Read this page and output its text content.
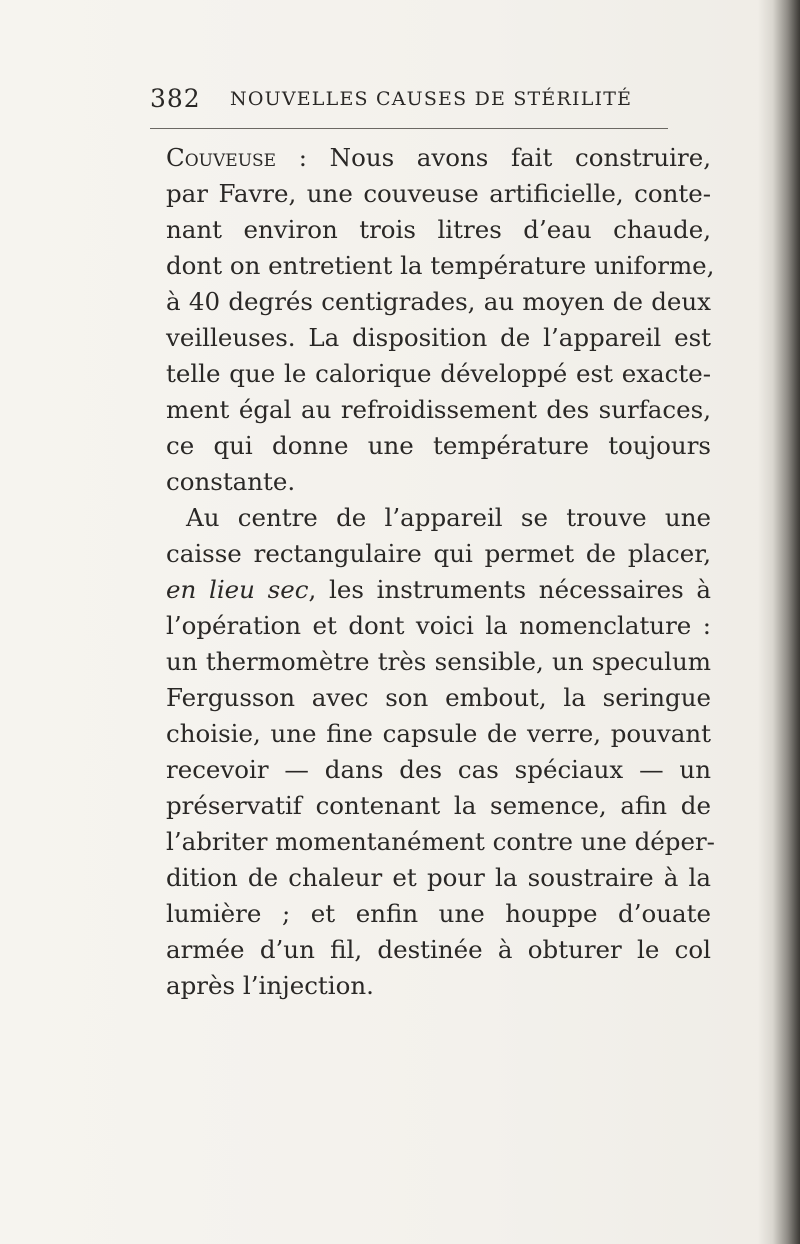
382 NOUVELLES CAUSES DE STÉRILITÉ
Couveuse : Nous avons fait construire,
par Favre, une couveuse artificielle, conte-
nant environ trois litres d’eau chaude,
dont on entretient la température uniforme,
à 40 degrés centigrades, au moyen de deux
veilleuses. La disposition de l’appareil est
telle que le calorique développé est exacte-
ment égal au refroidissement des surfaces,
ce qui donne une température toujours
constante.
Au centre de l’appareil se trouve une
caisse rectangulaire qui permet de placer,
en lieu sec, les instruments nécessaires à
l’opération et dont voici la nomenclature :
un thermomètre très sensible, un speculum
Fergusson avec son embout, la seringue
choisie, une fine capsule de verre, pouvant
recevoir — dans des cas spéciaux — un
préservatif contenant la semence, afin de
l’abriter momentanément contre une déper-
dition de chaleur et pour la soustraire à la
lumière ; et enfin une houppe d’ouate
armée d’un fil, destinée à obturer le col
après l’injection.
